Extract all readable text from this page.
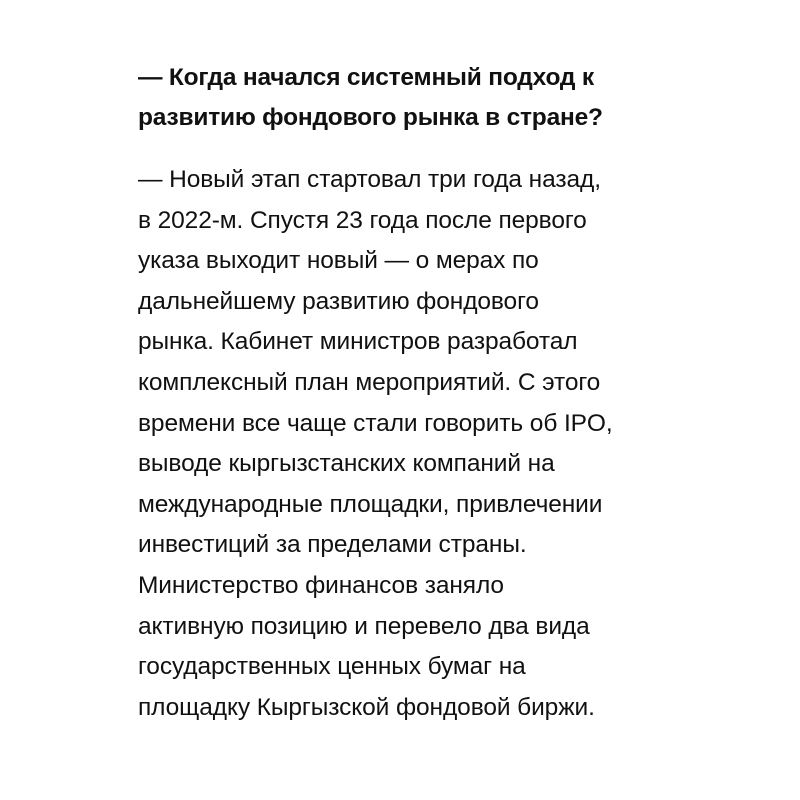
— Когда начался системный подход к
развитию фондового рынка в стране?

— Новый этап стартовал три года назад,
в 2022-м. Спустя 23 года после первого
указа выходит новый — о мерах по
дальнейшему развитию фондового
рынка. Кабинет министров разработал
комплексный план мероприятий. С этого
времени все чаще стали говорить об IPO,
выводе кыргызстанских компаний на
международные площадки, привлечении
инвестиций за пределами страны.
Министерство финансов заняло
активную позицию и перевело два вида
государственных ценных бумаг на
площадку Кыргызской фондовой биржи.
